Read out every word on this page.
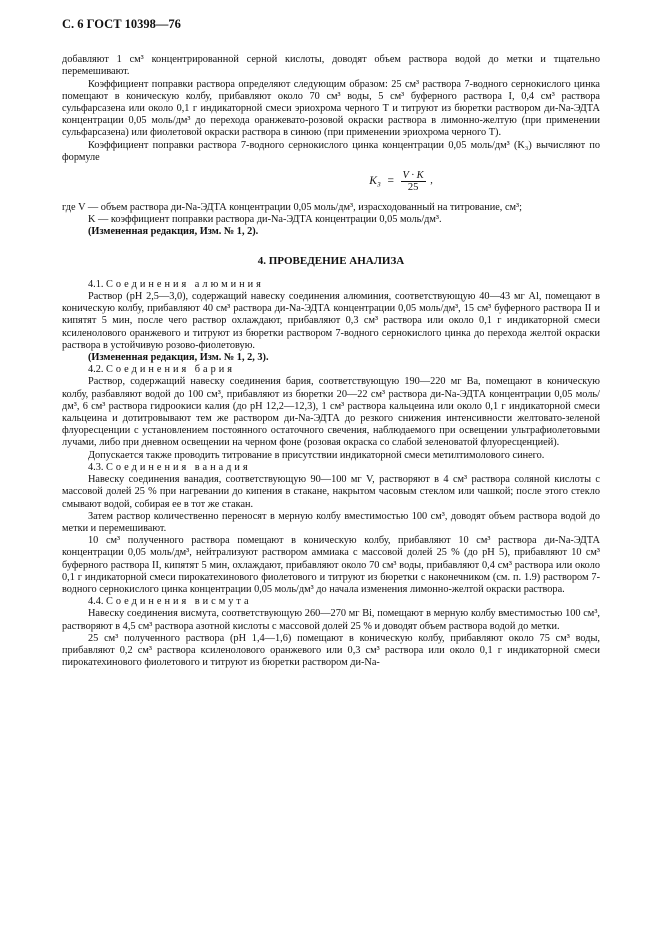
С. 6 ГОСТ 10398—76

добавляют 1 см³ концентрированной серной кислоты, доводят объем раствора водой до метки и тщательно перемешивают.

Коэффициент поправки раствора определяют следующим образом: 25 см³ раствора 7-водного сернокислого цинка помещают в коническую колбу, прибавляют около 70 см³ воды, 5 см³ буферного раствора I, 0,4 см³ раствора сульфарсазена или около 0,1 г индикаторной смеси эриохрома черного Т и титруют из бюретки раствором ди-Na-ЭДТА концентрации 0,05 моль/дм³ до перехода оранжевато-розовой окраски раствора в лимонно-желтую (при применении сульфарсазена) или фиолетовой окраски раствора в синюю (при применении эриохрома черного Т).

Коэффициент поправки раствора 7-водного сернокислого цинка концентрации 0,05 моль/дм³ (K₃) вычисляют по формуле

$K_3 = \frac{V \cdot K}{25}$ ,

где V — объем раствора ди-Na-ЭДТА концентрации 0,05 моль/дм³, израсходованный на титрование, см³;

K — коэффициент поправки раствора ди-Na-ЭДТА концентрации 0,05 моль/дм³.

(Измененная редакция, Изм. № 1, 2).

4. ПРОВЕДЕНИЕ АНАЛИЗА

4.1. Соединения алюминия

Раствор (pH 2,5—3,0), содержащий навеску соединения алюминия, соответствующую 40—43 мг Al, помещают в коническую колбу, прибавляют 40 см³ раствора ди-Na-ЭДТА концентрации 0,05 моль/дм³, 15 см³ буферного раствора II и кипятят 5 мин, после чего раствор охлаждают, прибавляют 0,3 см³ раствора или около 0,1 г индикаторной смеси ксиленолового оранжевого и титруют из бюретки раствором 7-водного сернокислого цинка до перехода желтой окраски раствора в устойчивую розово-фиолетовую.

(Измененная редакция, Изм. № 1, 2, 3).

4.2. Соединения бария

Раствор, содержащий навеску соединения бария, соответствующую 190—220 мг Ba, помещают в коническую колбу, разбавляют водой до 100 см³, прибавляют из бюретки 20—22 см³ раствора ди-Na-ЭДТА концентрации 0,05 моль/дм³, 6 см³ раствора гидроокиси калия (до pH 12,2—12,3), 1 см³ раствора кальцеина или около 0,1 г индикаторной смеси кальцеина и дотитровывают тем же раствором ди-Na-ЭДТА до резкого снижения интенсивности желтовато-зеленой флуоресценции с установлением постоянного остаточного свечения, наблюдаемого при освещении ультрафиолетовыми лучами, либо при дневном освещении на черном фоне (розовая окраска со слабой зеленоватой флуоресценцией).

Допускается также проводить титрование в присутствии индикаторной смеси метилтимолового синего.

4.3. Соединения ванадия

Навеску соединения ванадия, соответствующую 90—100 мг V, растворяют в 4 см³ раствора соляной кислоты с массовой долей 25 % при нагревании до кипения в стакане, накрытом часовым стеклом или чашкой; после этого стекло смывают водой, собирая ее в тот же стакан.

Затем раствор количественно переносят в мерную колбу вместимостью 100 см³, доводят объем раствора водой до метки и перемешивают.

10 см³ полученного раствора помещают в коническую колбу, прибавляют 10 см³ раствора ди-Na-ЭДТА концентрации 0,05 моль/дм³, нейтрализуют раствором аммиака с массовой долей 25 % (до pH 5), прибавляют 10 см³ буферного раствора II, кипятят 5 мин, охлаждают, прибавляют около 70 см³ воды, прибавляют 0,4 см³ раствора или около 0,1 г индикаторной смеси пирокатехинового фиолетового и титруют из бюретки с наконечником (см. п. 1.9) раствором 7-водного сернокислого цинка концентрации 0,05 моль/дм³ до начала изменения лимонно-желтой окраски раствора.

4.4. Соединения висмута

Навеску соединения висмута, соответствующую 260—270 мг Bi, помещают в мерную колбу вместимостью 100 см³, растворяют в 4,5 см³ раствора азотной кислоты с массовой долей 25 % и доводят объем раствора водой до метки.

25 см³ полученного раствора (pH 1,4—1,6) помещают в коническую колбу, прибавляют около 75 см³ воды, прибавляют 0,2 см³ раствора ксиленолового оранжевого или 0,3 см³ раствора или около 0,1 г индикаторной смеси пирокатехинового фиолетового и титруют из бюретки раствором ди-Na-
